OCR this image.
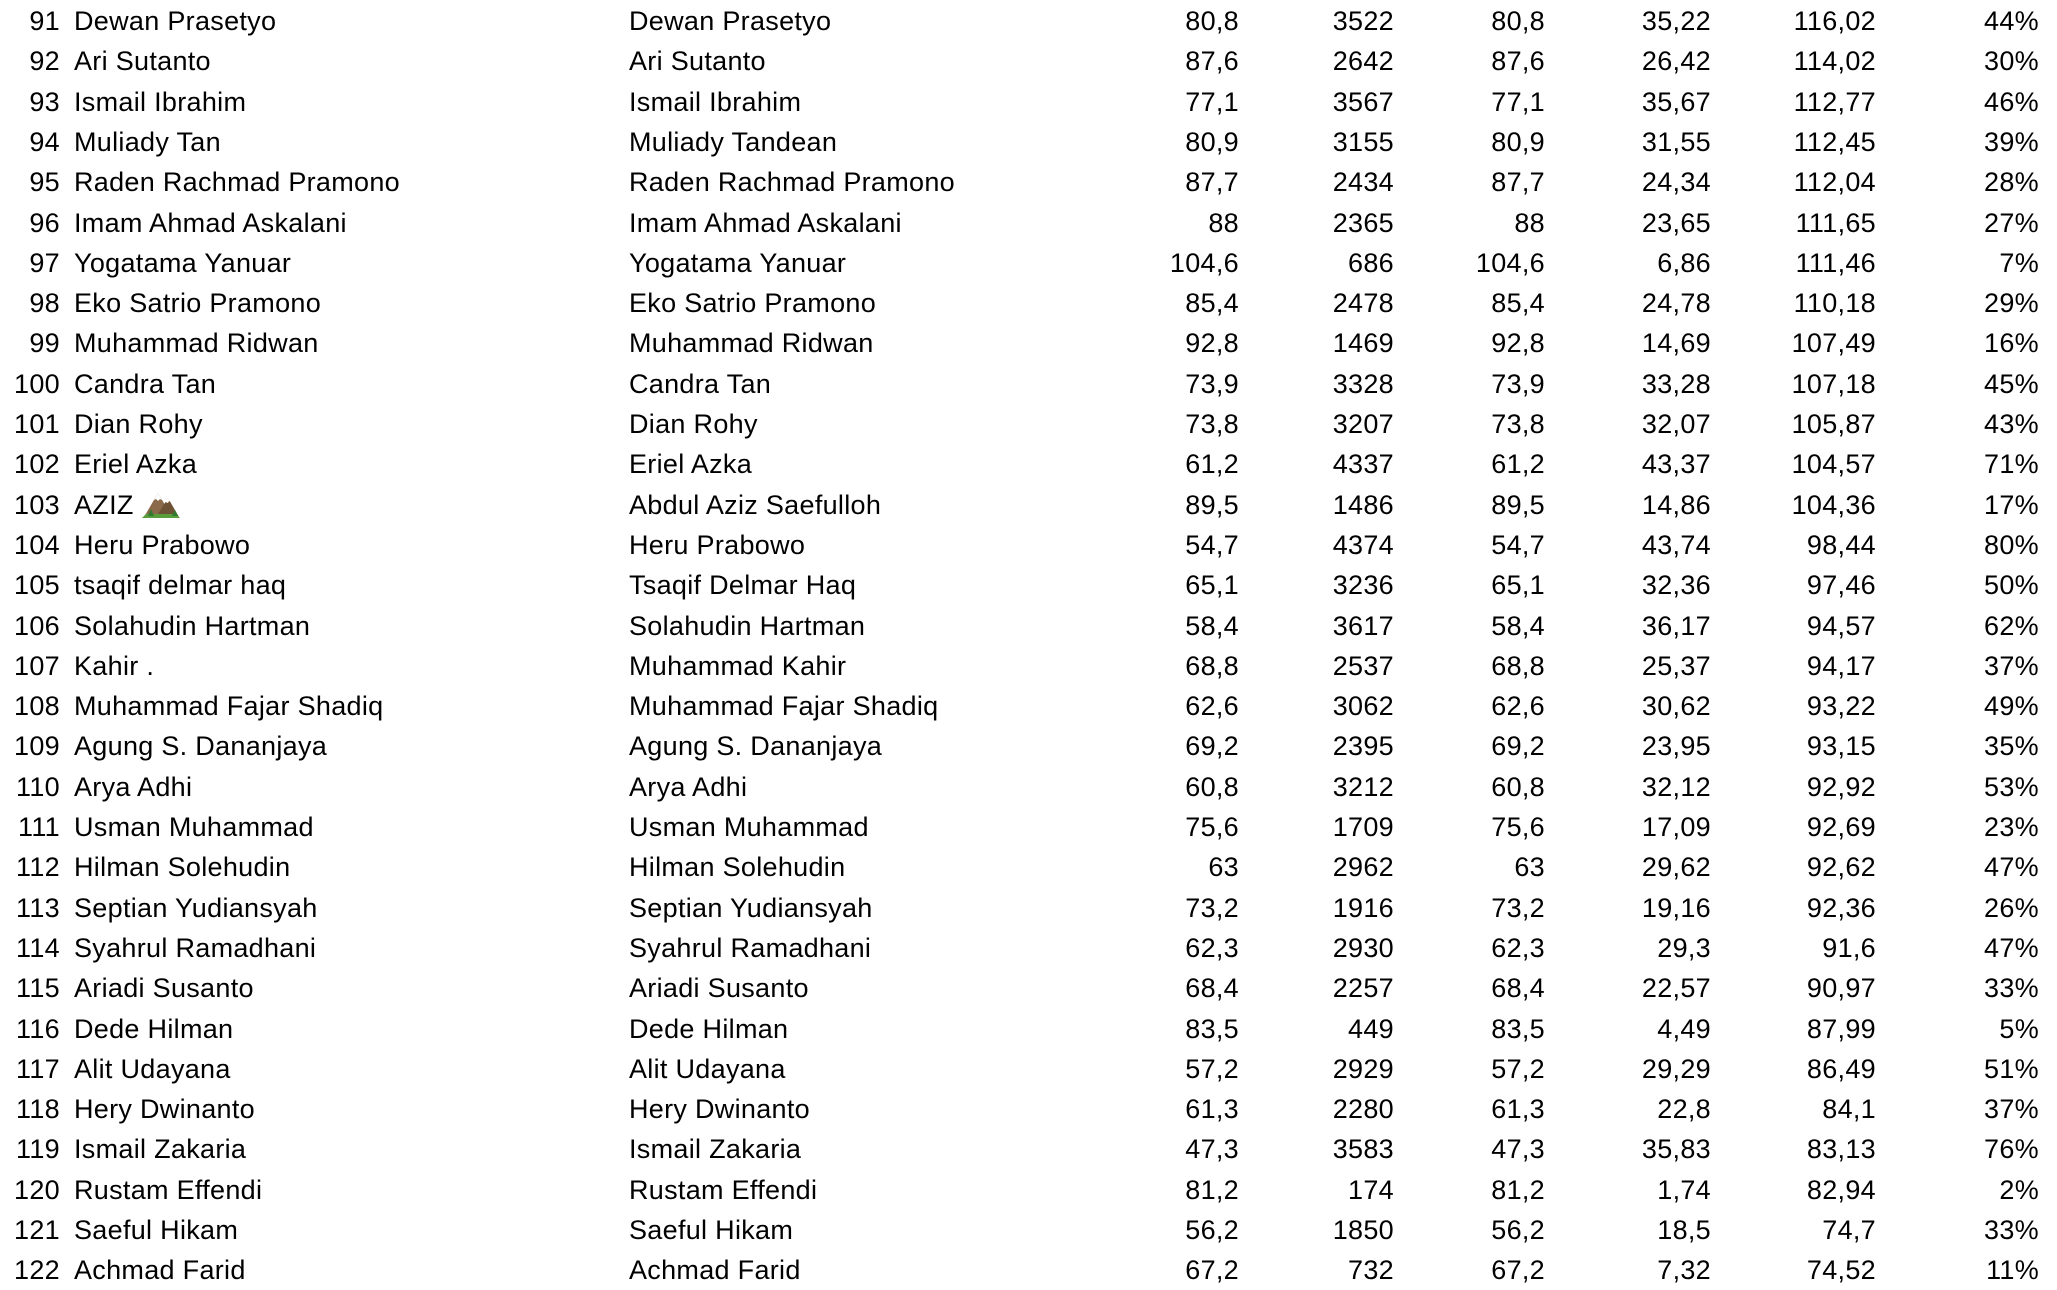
91 Dewan Prasetyo	Dewan Prasetyo	80,8	3522	80,8	35,22	116,02	44%
92 Ari Sutanto	Ari Sutanto	87,6	2642	87,6	26,42	114,02	30%
93 Ismail Ibrahim	Ismail Ibrahim	77,1	3567	77,1	35,67	112,77	46%
94 Muliady Tan	Muliady Tandean	80,9	3155	80,9	31,55	112,45	39%
95 Raden Rachmad Pramono	Raden Rachmad Pramono	87,7	2434	87,7	24,34	112,04	28%
96 Imam Ahmad Askalani	Imam Ahmad Askalani	88	2365	88	23,65	111,65	27%
97 Yogatama Yanuar	Yogatama Yanuar	104,6	686	104,6	6,86	111,46	7%
98 Eko Satrio Pramono	Eko Satrio Pramono	85,4	2478	85,4	24,78	110,18	29%
99 Muhammad Ridwan	Muhammad Ridwan	92,8	1469	92,8	14,69	107,49	16%
100 Candra Tan	Candra Tan	73,9	3328	73,9	33,28	107,18	45%
101 Dian Rohy	Dian Rohy	73,8	3207	73,8	32,07	105,87	43%
102 Eriel Azka	Eriel Azka	61,2	4337	61,2	43,37	104,57	71%
103 AZIZ	Abdul Aziz Saefulloh	89,5	1486	89,5	14,86	104,36	17%
104 Heru Prabowo	Heru Prabowo	54,7	4374	54,7	43,74	98,44	80%
105 tsaqif delmar haq	Tsaqif Delmar Haq	65,1	3236	65,1	32,36	97,46	50%
106 Solahudin Hartman	Solahudin Hartman	58,4	3617	58,4	36,17	94,57	62%
107 Kahir .	Muhammad Kahir	68,8	2537	68,8	25,37	94,17	37%
108 Muhammad Fajar Shadiq	Muhammad Fajar Shadiq	62,6	3062	62,6	30,62	93,22	49%
109 Agung S. Dananjaya	Agung S. Dananjaya	69,2	2395	69,2	23,95	93,15	35%
110 Arya Adhi	Arya Adhi	60,8	3212	60,8	32,12	92,92	53%
111 Usman Muhammad	Usman Muhammad	75,6	1709	75,6	17,09	92,69	23%
112 Hilman Solehudin	Hilman Solehudin	63	2962	63	29,62	92,62	47%
113 Septian Yudiansyah	Septian Yudiansyah	73,2	1916	73,2	19,16	92,36	26%
114 Syahrul Ramadhani	Syahrul Ramadhani	62,3	2930	62,3	29,3	91,6	47%
115 Ariadi Susanto	Ariadi Susanto	68,4	2257	68,4	22,57	90,97	33%
116 Dede Hilman	Dede Hilman	83,5	449	83,5	4,49	87,99	5%
117 Alit Udayana	Alit Udayana	57,2	2929	57,2	29,29	86,49	51%
118 Hery Dwinanto	Hery Dwinanto	61,3	2280	61,3	22,8	84,1	37%
119 Ismail Zakaria	Ismail Zakaria	47,3	3583	47,3	35,83	83,13	76%
120 Rustam Effendi	Rustam Effendi	81,2	174	81,2	1,74	82,94	2%
121 Saeful Hikam	Saeful Hikam	56,2	1850	56,2	18,5	74,7	33%
122 Achmad Farid	Achmad Farid	67,2	732	67,2	7,32	74,52	11%
